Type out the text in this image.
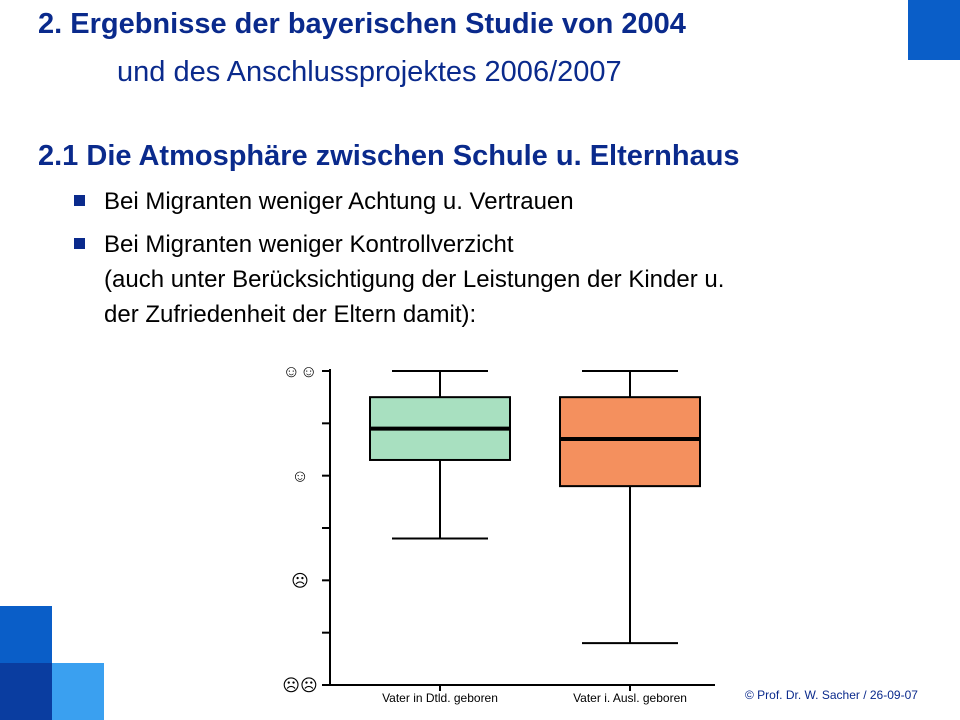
2. Ergebnisse der bayerischen Studie von 2004
und des Anschlussprojektes 2006/2007
2.1 Die Atmosphäre zwischen Schule u. Elternhaus
Bei Migranten weniger Achtung u. Vertrauen
Bei Migranten weniger Kontrollverzicht
(auch unter Berücksichtigung der Leistungen der Kinder u.
der Zufriedenheit der Eltern damit):
☺☺
☺
☹
☹☹
Vater in Dtld. geboren	Vater i. Ausl. geboren	© Prof. Dr. W. Sacher / 26-09-07
